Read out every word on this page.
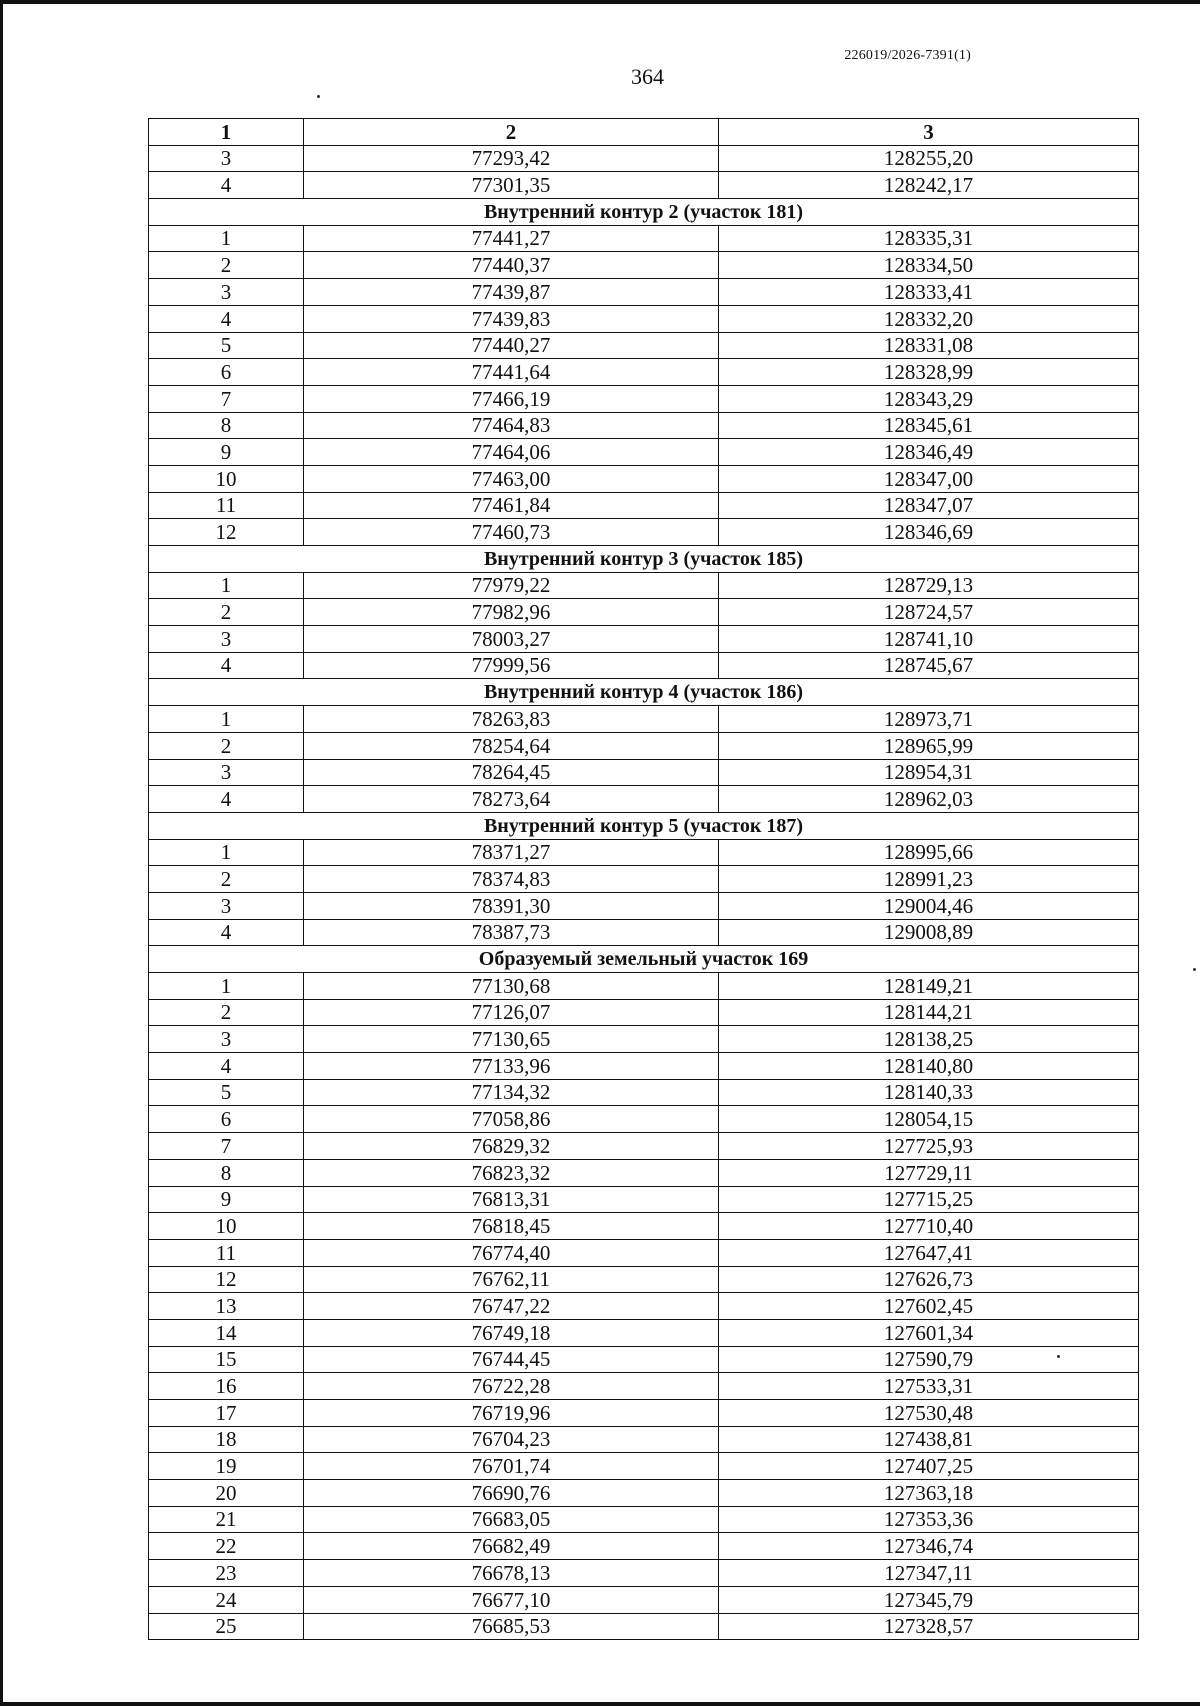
226019/2026-7391(1)
364
1	2	3
3	77293,42	128255,20
4	77301,35	128242,17
Внутренний контур 2 (участок 181)		
1	77441,27	128335,31
2	77440,37	128334,50
3	77439,87	128333,41
4	77439,83	128332,20
5	77440,27	128331,08
6	77441,64	128328,99
7	77466,19	128343,29
8	77464,83	128345,61
9	77464,06	128346,49
10	77463,00	128347,00
11	77461,84	128347,07
12	77460,73	128346,69
Внутренний контур 3 (участок 185)		
1	77979,22	128729,13
2	77982,96	128724,57
3	78003,27	128741,10
4	77999,56	128745,67
Внутренний контур 4 (участок 186)		
1	78263,83	128973,71
2	78254,64	128965,99
3	78264,45	128954,31
4	78273,64	128962,03
Внутренний контур 5 (участок 187)		
1	78371,27	128995,66
2	78374,83	128991,23
3	78391,30	129004,46
4	78387,73	129008,89
Образуемый земельный участок 169		
1	77130,68	128149,21
2	77126,07	128144,21
3	77130,65	128138,25
4	77133,96	128140,80
5	77134,32	128140,33
6	77058,86	128054,15
7	76829,32	127725,93
8	76823,32	127729,11
9	76813,31	127715,25
10	76818,45	127710,40
11	76774,40	127647,41
12	76762,11	127626,73
13	76747,22	127602,45
14	76749,18	127601,34
15	76744,45	127590,79
16	76722,28	127533,31
17	76719,96	127530,48
18	76704,23	127438,81
19	76701,74	127407,25
20	76690,76	127363,18
21	76683,05	127353,36
22	76682,49	127346,74
23	76678,13	127347,11
24	76677,10	127345,79
25	76685,53	127328,57
